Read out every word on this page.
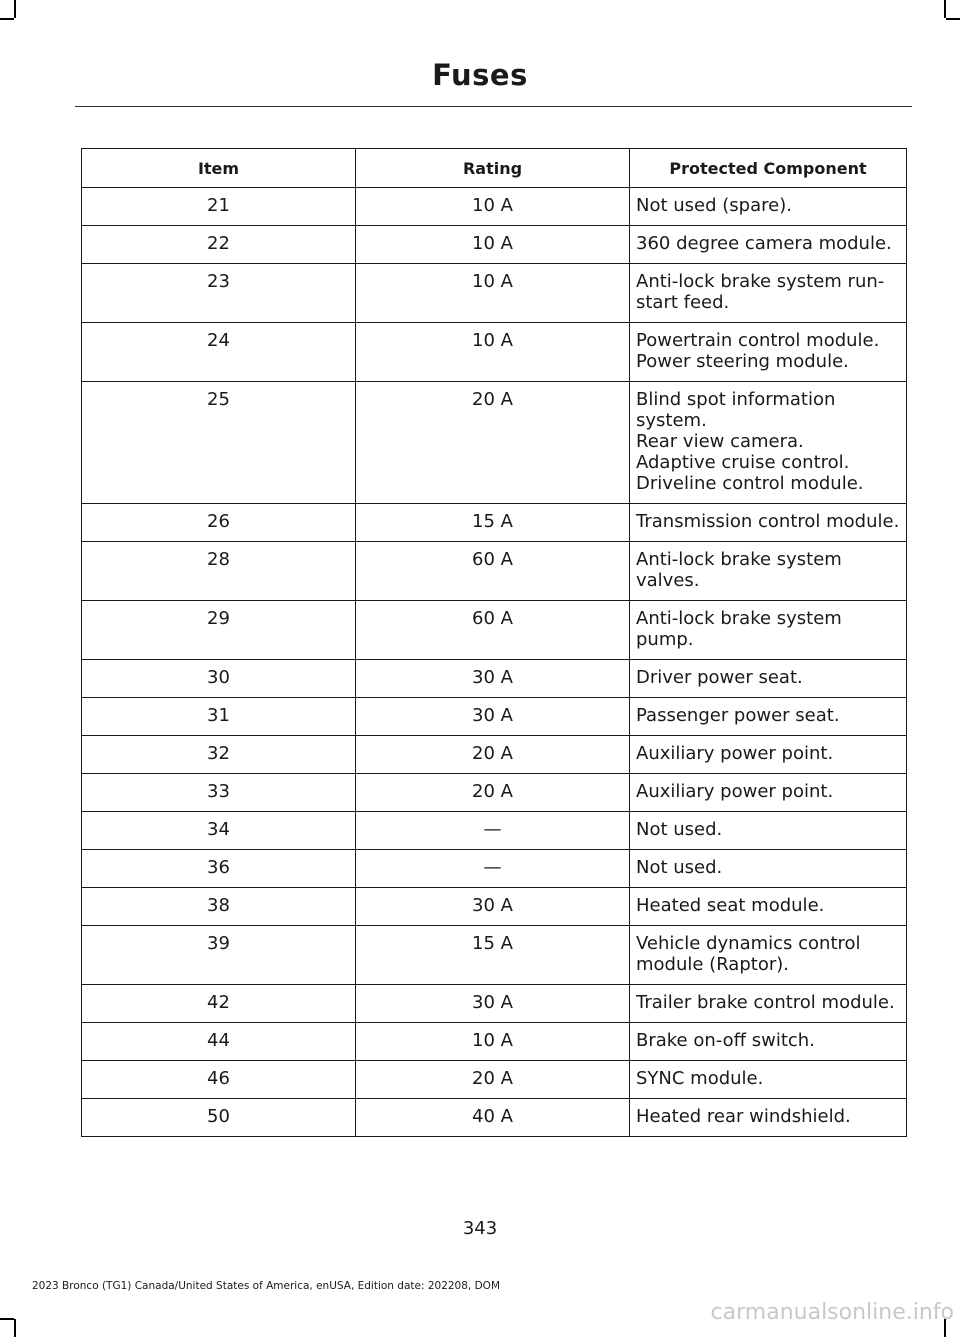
Fuses
Item	Rating	Protected Component
21	10 A	Not used (spare).
22	10 A	360 degree camera module.
23	10 A	Anti-lock brake system run-start feed.
24	10 A	Powertrain control module.
Power steering module.
25	20 A	Blind spot information system.
Rear view camera.
Adaptive cruise control.
Driveline control module.
26	15 A	Transmission control module.
28	60 A	Anti-lock brake system valves.
29	60 A	Anti-lock brake system pump.
30	30 A	Driver power seat.
31	30 A	Passenger power seat.
32	20 A	Auxiliary power point.
33	20 A	Auxiliary power point.
34	—	Not used.
36	—	Not used.
38	30 A	Heated seat module.
39	15 A	Vehicle dynamics control module (Raptor).
42	30 A	Trailer brake control module.
44	10 A	Brake on-off switch.
46	20 A	SYNC module.
50	40 A	Heated rear windshield.
343
2023 Bronco (TG1) Canada/United States of America, enUSA, Edition date: 202208, DOM
carmanualsonline.info
